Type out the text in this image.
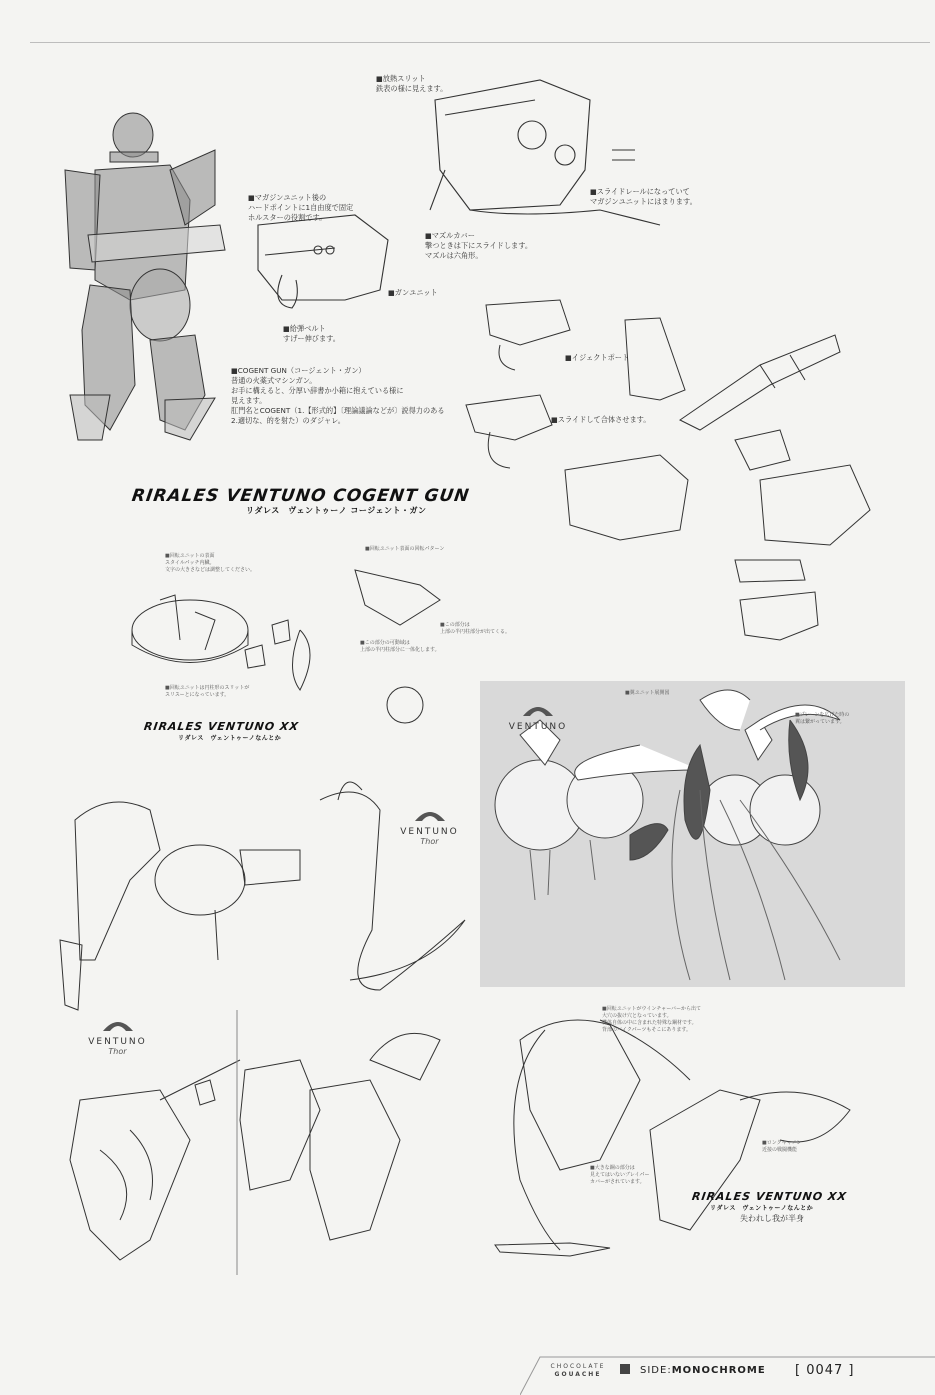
RIRALES VENTUNO COGENT GUN
リダレス　ヴェントゥーノ コージェント・ガン
RIRALES VENTUNO XX
リダレス　ヴェントゥーノなんとか
RIRALES VENTUNO XX
リダレス　ヴェントゥーノなんとか
失われし我が半身
VENTUNO
VENTUNO
Thor
VENTUNO
Thor
■放熱スリット
鉄表の様に見えます。
■マガジンユニット後の
ハードポイントに1自由度で固定
ホルスターの役割です。
■スライドレールになっていて
マガジンユニットにはまります。
■マズルカバー
撃つときは下にスライドします。
マズルは六角形。
■ガンユニット
■給弾ベルト
すげー伸びます。
■COGENT GUN（コージェント・ガン）
普通の火薬式マシンガン。
お手に構えると、分厚い辞書か小箱に抱えている様に
見えます。
肛門名とCOGENT（1.【形式的】〔理論議論などが〕説得力のある
2.適切な、的を射た）のダジャレ。
■イジェクトポート
■スライドして合体させます。
■回転ユニットの表面
スタイルパッチ内臓。
文字の大きさなどは調整してください。
■回転ユニット表面の回転パターン
■回転ユニットは円柱形のスリットが
スリスーとになっています。
■この部分は
上部の半円柱部分が出てくる。
■この部分の可動域は
上部の半円柱部分に一体化します。
■翼ユニット展開図
■プレーンを広げた時の
翼は繋がっています。
■回転ユニットがウインチャーバーから出て
大穴の抜け穴となっています。
機体自体の中に含まれた特殊な鋼材です。
背部のバイクパーツもそこにあります。
■大きな鋼の部分は
見えてはいないブレイパー
カバーがされています。
■ロングキャノン
近接の戦闘機能
CHOCOLATE
GOUACHE	SIDE:MONOCHROME [ 0047 ]
